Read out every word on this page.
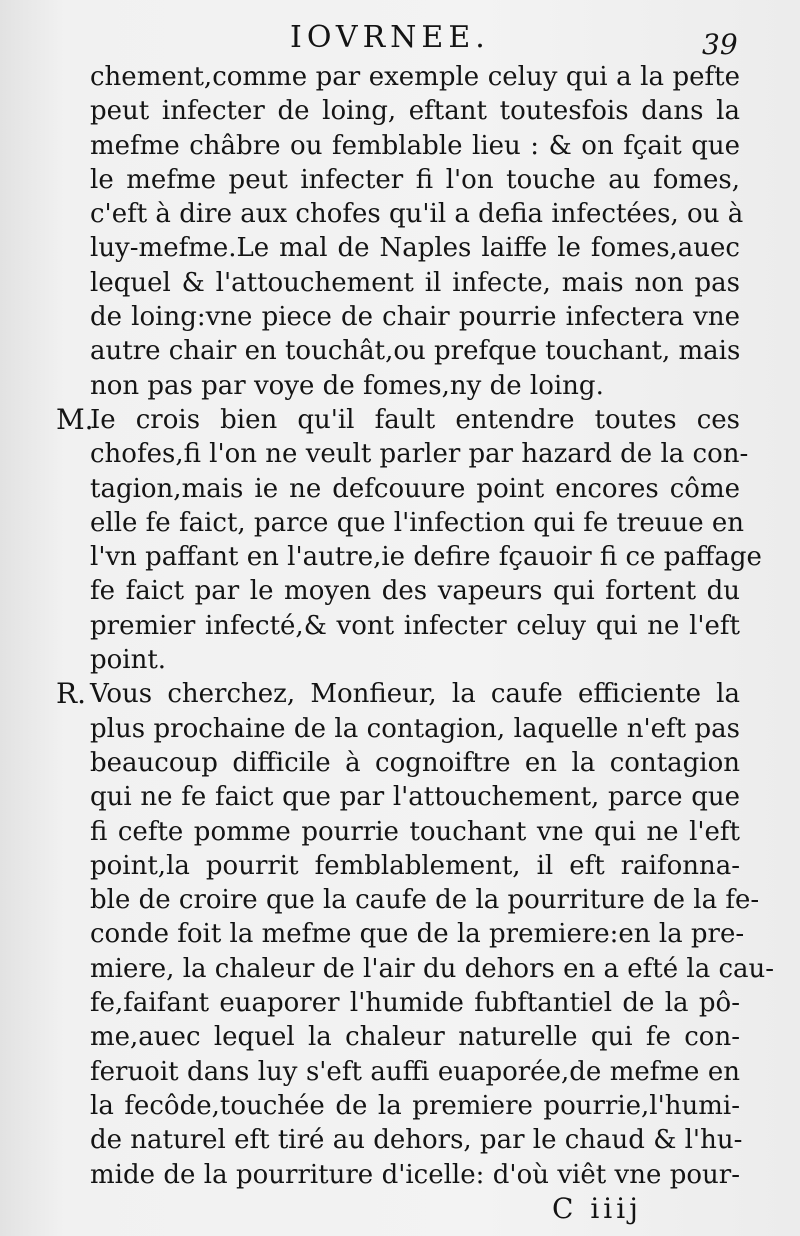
IOVRNEE.	39
chement,comme par exemple celuy qui a la pefte
peut infecter de loing, eftant toutesfois dans la
mefme châbre ou femblable lieu : & on fçait que
le mefme peut infecter fi l'on touche au fomes,
c'eft à dire aux chofes qu'il a defia infectées, ou à
luy-mefme.Le mal de Naples laiffe le fomes,auec
lequel & l'attouchement il infecte, mais non pas
de loing:vne piece de chair pourrie infectera vne
autre chair en touchât,ou prefque touchant, mais
non pas par voye de fomes,ny de loing.
M.
Ie crois bien qu'il fault entendre toutes ces
chofes,fi l'on ne veult parler par hazard de la con-
tagion,mais ie ne defcouure point encores côme
elle fe faict, parce que l'infection qui fe treuue en
l'vn paffant en l'autre,ie defire fçauoir fi ce paffage
fe faict par le moyen des vapeurs qui fortent du
premier infecté,& vont infecter celuy qui ne l'eft
point.
R. Vous cherchez, Monfieur, la caufe efficiente la
plus prochaine de la contagion, laquelle n'eft pas
beaucoup difficile à cognoiftre en la contagion
qui ne fe faict que par l'attouchement, parce que
fi cefte pomme pourrie touchant vne qui ne l'eft
point,la pourrit femblablement, il eft raifonna-
ble de croire que la caufe de la pourriture de la fe-
conde foit la mefme que de la premiere:en la pre-
miere, la chaleur de l'air du dehors en a efté la cau-
fe,faifant euaporer l'humide fubftantiel de la pô-
me,auec lequel la chaleur naturelle qui fe con-
feruoit dans luy s'eft auffi euaporée,de mefme en
la fecôde,touchée de la premiere pourrie,l'humi-
de naturel eft tiré au dehors, par le chaud & l'hu-
mide de la pourriture d'icelle: d'où viêt vne pour-
C iiij
